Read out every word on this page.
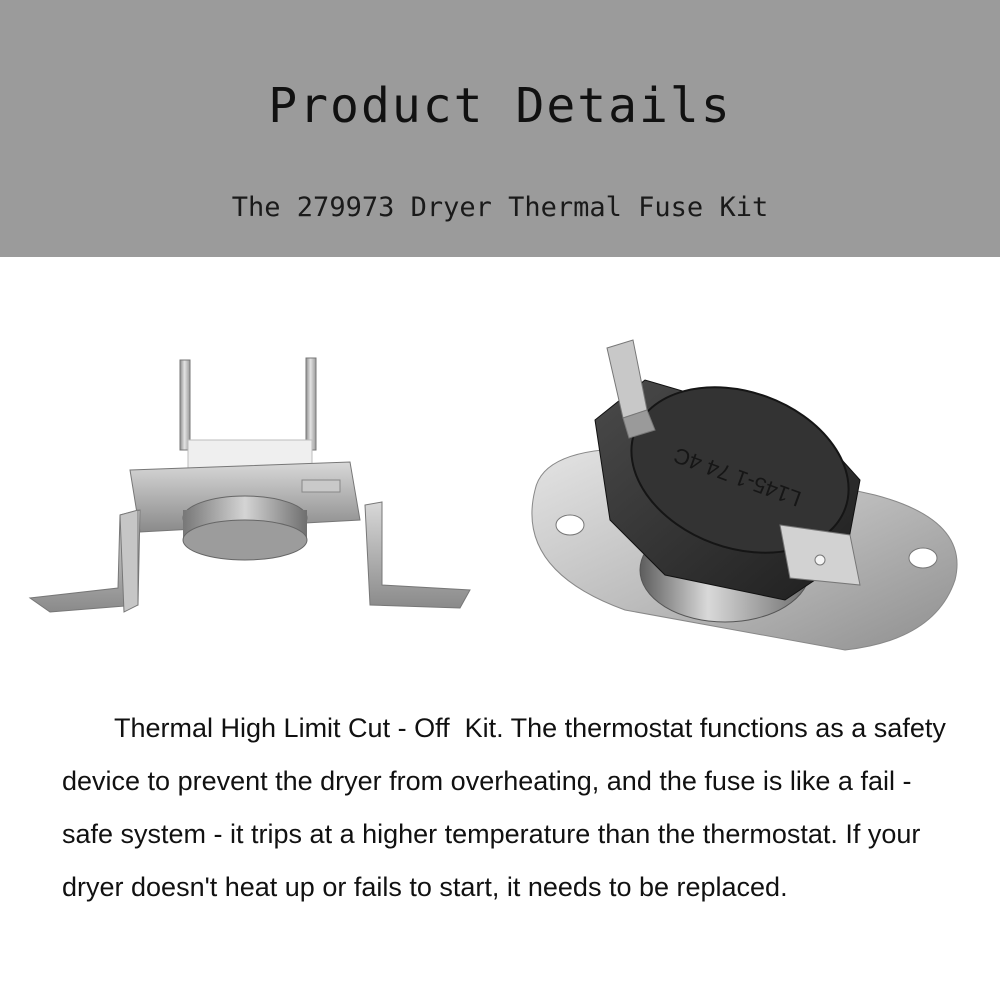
Product Details
The 279973 Dryer Thermal Fuse Kit
L145-1 74 4C

Thermal High Limit Cut - Off  Kit. The thermostat functions as a safety device to prevent the dryer from overheating, and the fuse is like a fail - safe system - it trips at a higher temperature than the thermostat. If your dryer doesn't heat up or fails to start, it needs to be replaced.
